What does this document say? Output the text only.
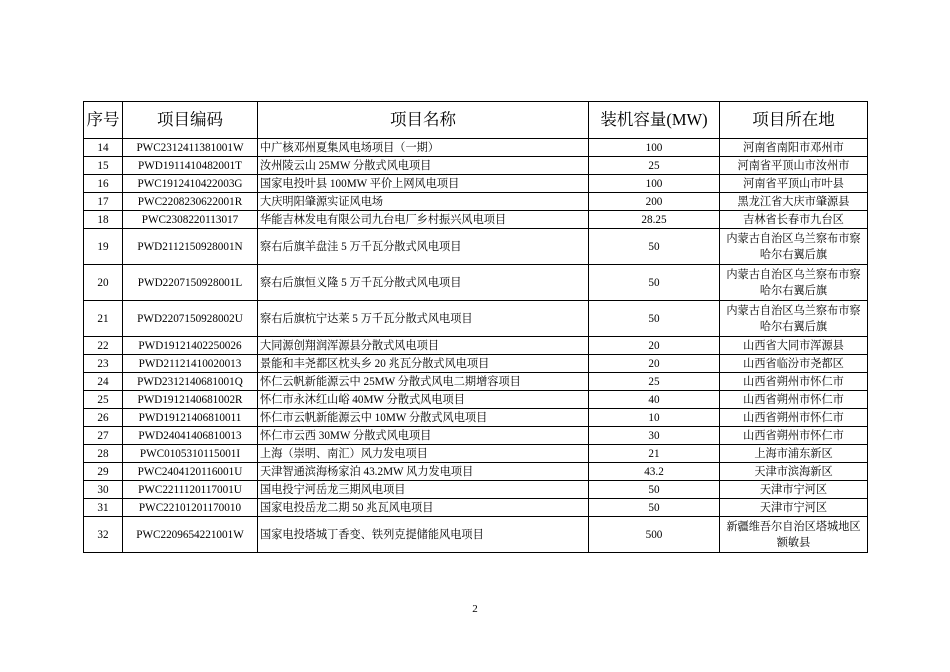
序号	项目编码	项目名称	装机容量(MW)	项目所在地
14	PWC2312411381001W	中广核邓州夏集风电场项目（一期）	100	河南省南阳市邓州市
15	PWD1911410482001T	汝州陵云山 25MW 分散式风电项目	25	河南省平顶山市汝州市
16	PWC1912410422003G	国家电投叶县 100MW 平价上网风电项目	100	河南省平顶山市叶县
17	PWC2208230622001R	大庆明阳肇源实证风电场	200	黑龙江省大庆市肇源县
18	PWC2308220113017	华能吉林发电有限公司九台电厂乡村振兴风电项目	28.25	吉林省长春市九台区
19	PWD2112150928001N	察右后旗羊盘洼 5 万千瓦分散式风电项目	50	内蒙古自治区乌兰察布市察哈尔右翼后旗
20	PWD2207150928001L	察右后旗恒义隆 5 万千瓦分散式风电项目	50	内蒙古自治区乌兰察布市察哈尔右翼后旗
21	PWD2207150928002U	察右后旗杭宁达莱 5 万千瓦分散式风电项目	50	内蒙古自治区乌兰察布市察哈尔右翼后旗
22	PWD19121402250026	大同源创翔润浑源县分散式风电项目	20	山西省大同市浑源县
23	PWD21121410020013	景能和丰尧都区枕头乡 20 兆瓦分散式风电项目	20	山西省临汾市尧都区
24	PWD2312140681001Q	怀仁云帆新能源云中 25MW 分散式风电二期增容项目	25	山西省朔州市怀仁市
25	PWD1912140681002R	怀仁市永沐红山峪 40MW 分散式风电项目	40	山西省朔州市怀仁市
26	PWD19121406810011	怀仁市云帆新能源云中 10MW 分散式风电项目	10	山西省朔州市怀仁市
27	PWD24041406810013	怀仁市云西 30MW 分散式风电项目	30	山西省朔州市怀仁市
28	PWC0105310115001I	上海（崇明、南汇）风力发电项目	21	上海市浦东新区
29	PWC2404120116001U	天津智通滨海杨家泊 43.2MW 风力发电项目	43.2	天津市滨海新区
30	PWC2211120117001U	国电投宁河岳龙三期风电项目	50	天津市宁河区
31	PWC22101201170010	国家电投岳龙二期 50 兆瓦风电项目	50	天津市宁河区
32	PWC2209654221001W	国家电投塔城丁香变、铁列克提储能风电项目	500	新疆维吾尔自治区塔城地区额敏县
2
